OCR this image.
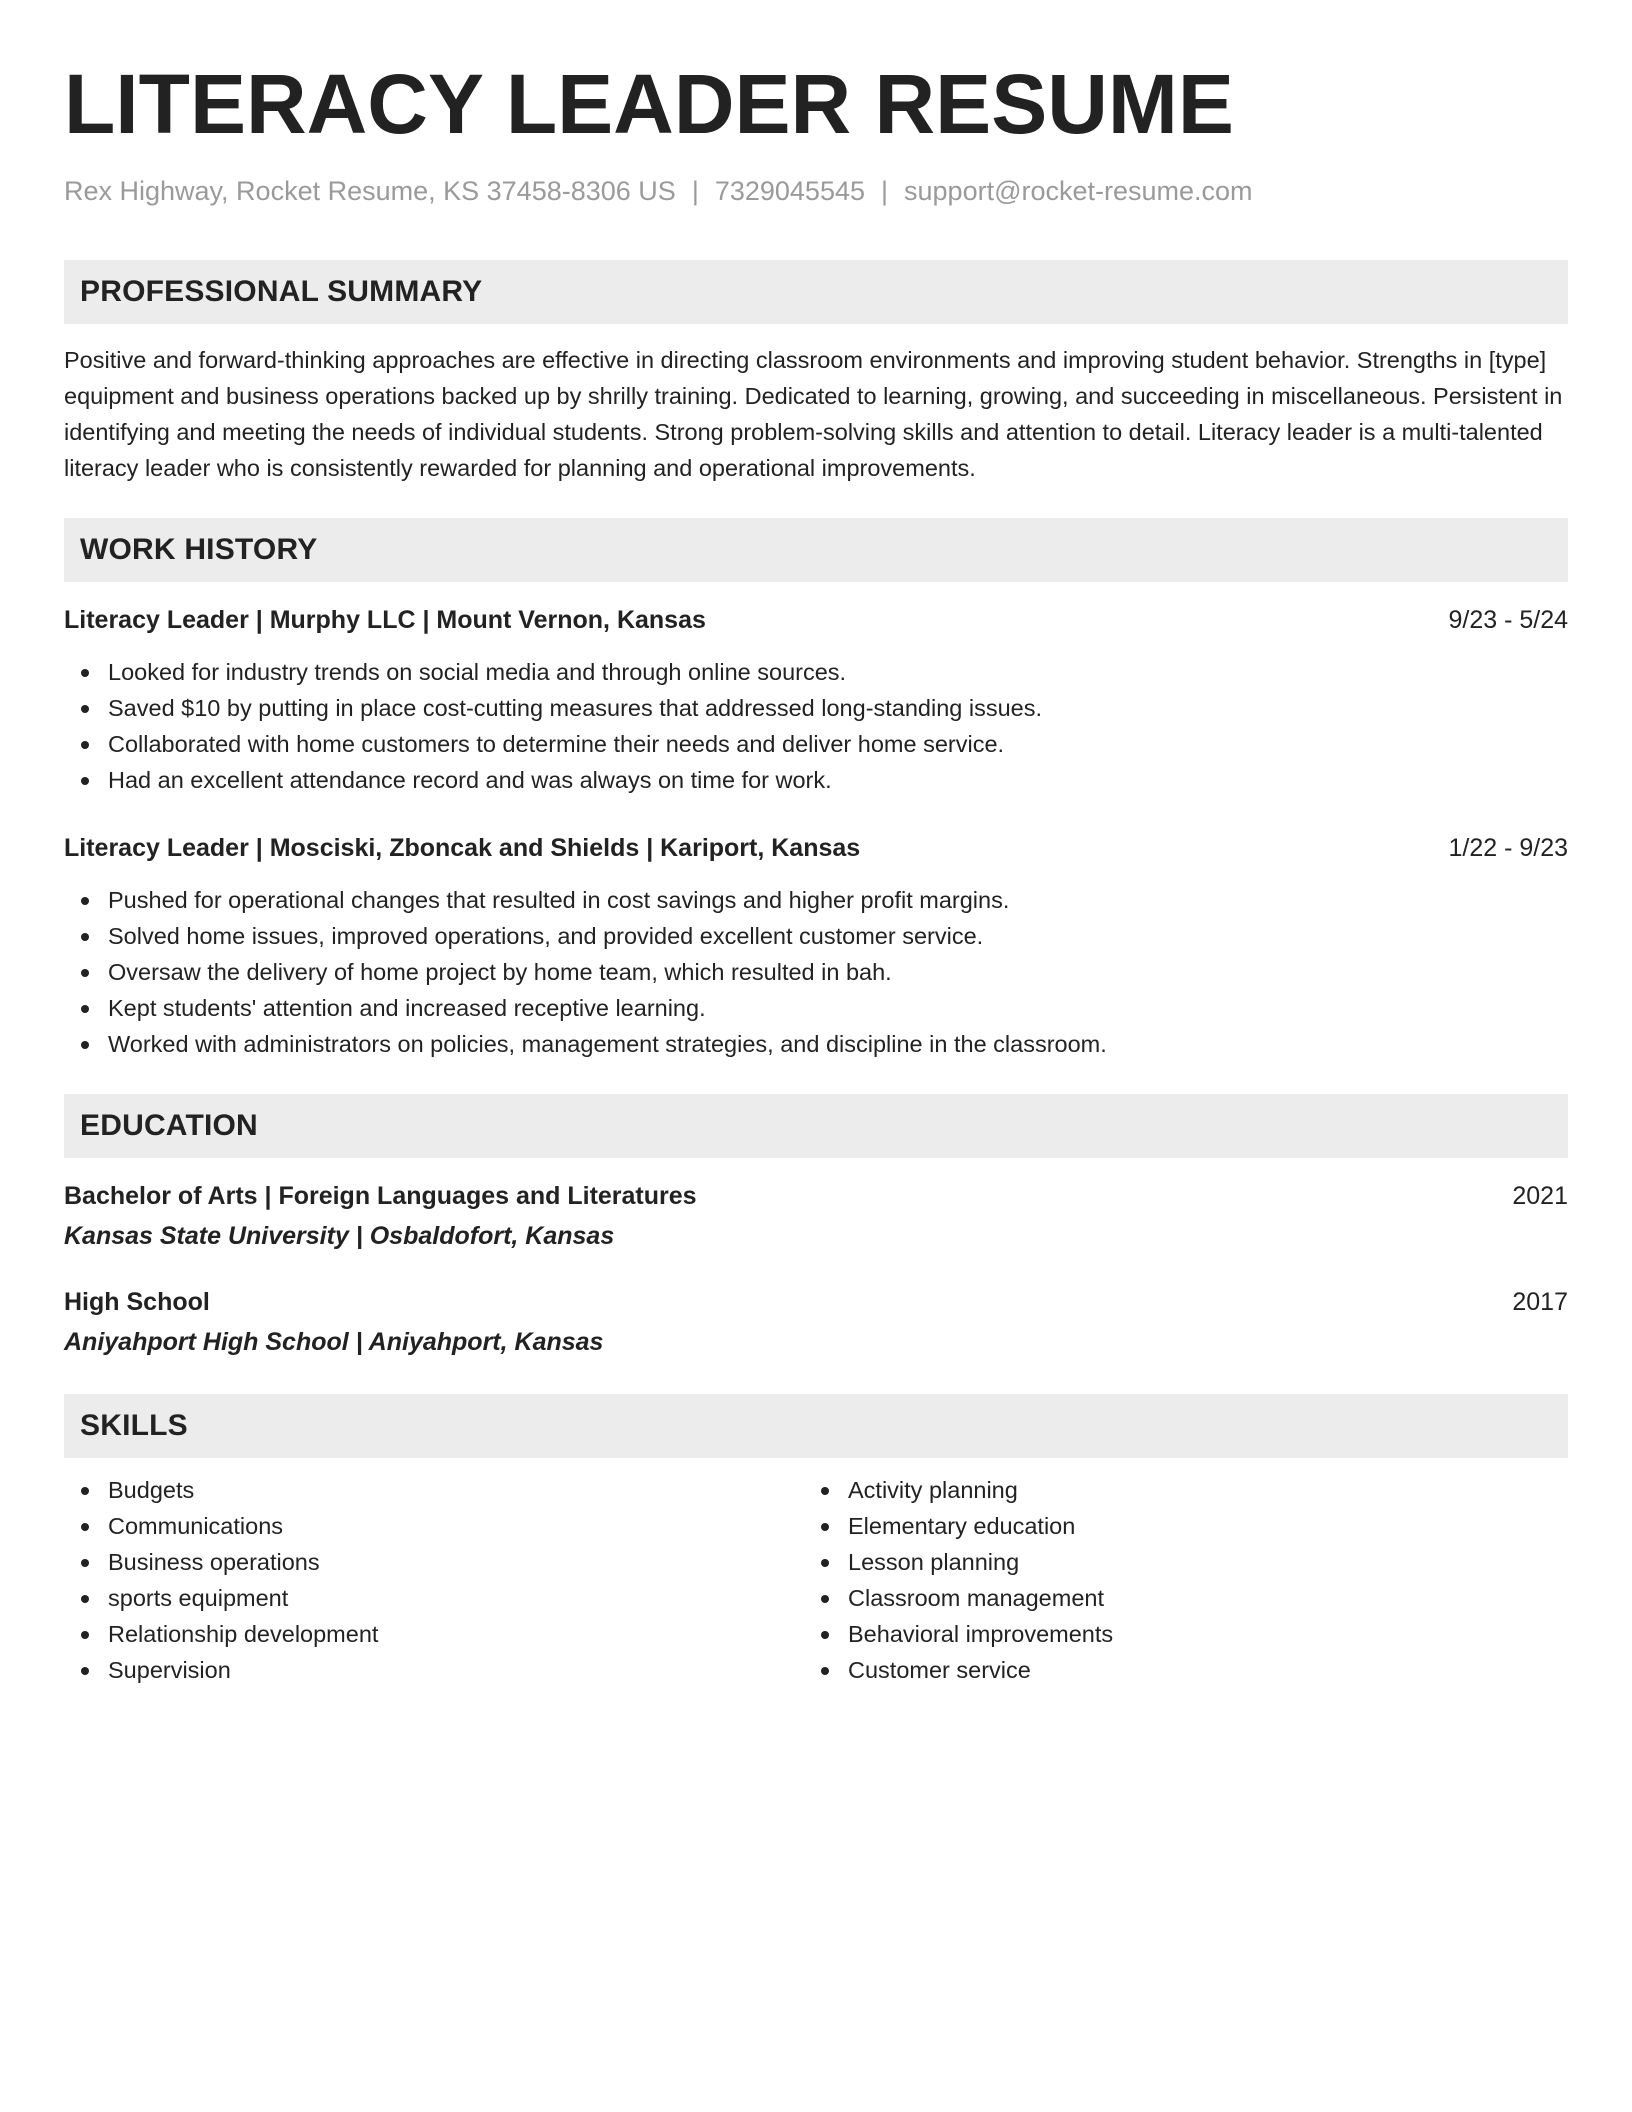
LITERACY LEADER RESUME
Rex Highway, Rocket Resume, KS 37458-8306 US | 7329045545 | support@rocket-resume.com
PROFESSIONAL SUMMARY

Positive and forward-thinking approaches are effective in directing classroom environments and improving student behavior. Strengths in [type] equipment and business operations backed up by shrilly training. Dedicated to learning, growing, and succeeding in miscellaneous. Persistent in identifying and meeting the needs of individual students. Strong problem-solving skills and attention to detail. Literacy leader is a multi-talented literacy leader who is consistently rewarded for planning and operational improvements.

WORK HISTORY
Literacy Leader | Murphy LLC | Mount Vernon, Kansas	9/23 - 5/24
Looked for industry trends on social media and through online sources.
Saved $10 by putting in place cost-cutting measures that addressed long-standing issues.
Collaborated with home customers to determine their needs and deliver home service.
Had an excellent attendance record and was always on time for work.
Literacy Leader | Mosciski, Zboncak and Shields | Kariport, Kansas	1/22 - 9/23
Pushed for operational changes that resulted in cost savings and higher profit margins.
Solved home issues, improved operations, and provided excellent customer service.
Oversaw the delivery of home project by home team, which resulted in bah.
Kept students' attention and increased receptive learning.
Worked with administrators on policies, management strategies, and discipline in the classroom.
EDUCATION
Bachelor of Arts | Foreign Languages and Literatures	2021
Kansas State University | Osbaldofort, Kansas
High School	2017
Aniyahport High School | Aniyahport, Kansas
SKILLS
Budgets
Communications
Business operations
sports equipment
Relationship development
Supervision
Activity planning
Elementary education
Lesson planning
Classroom management
Behavioral improvements
Customer service
